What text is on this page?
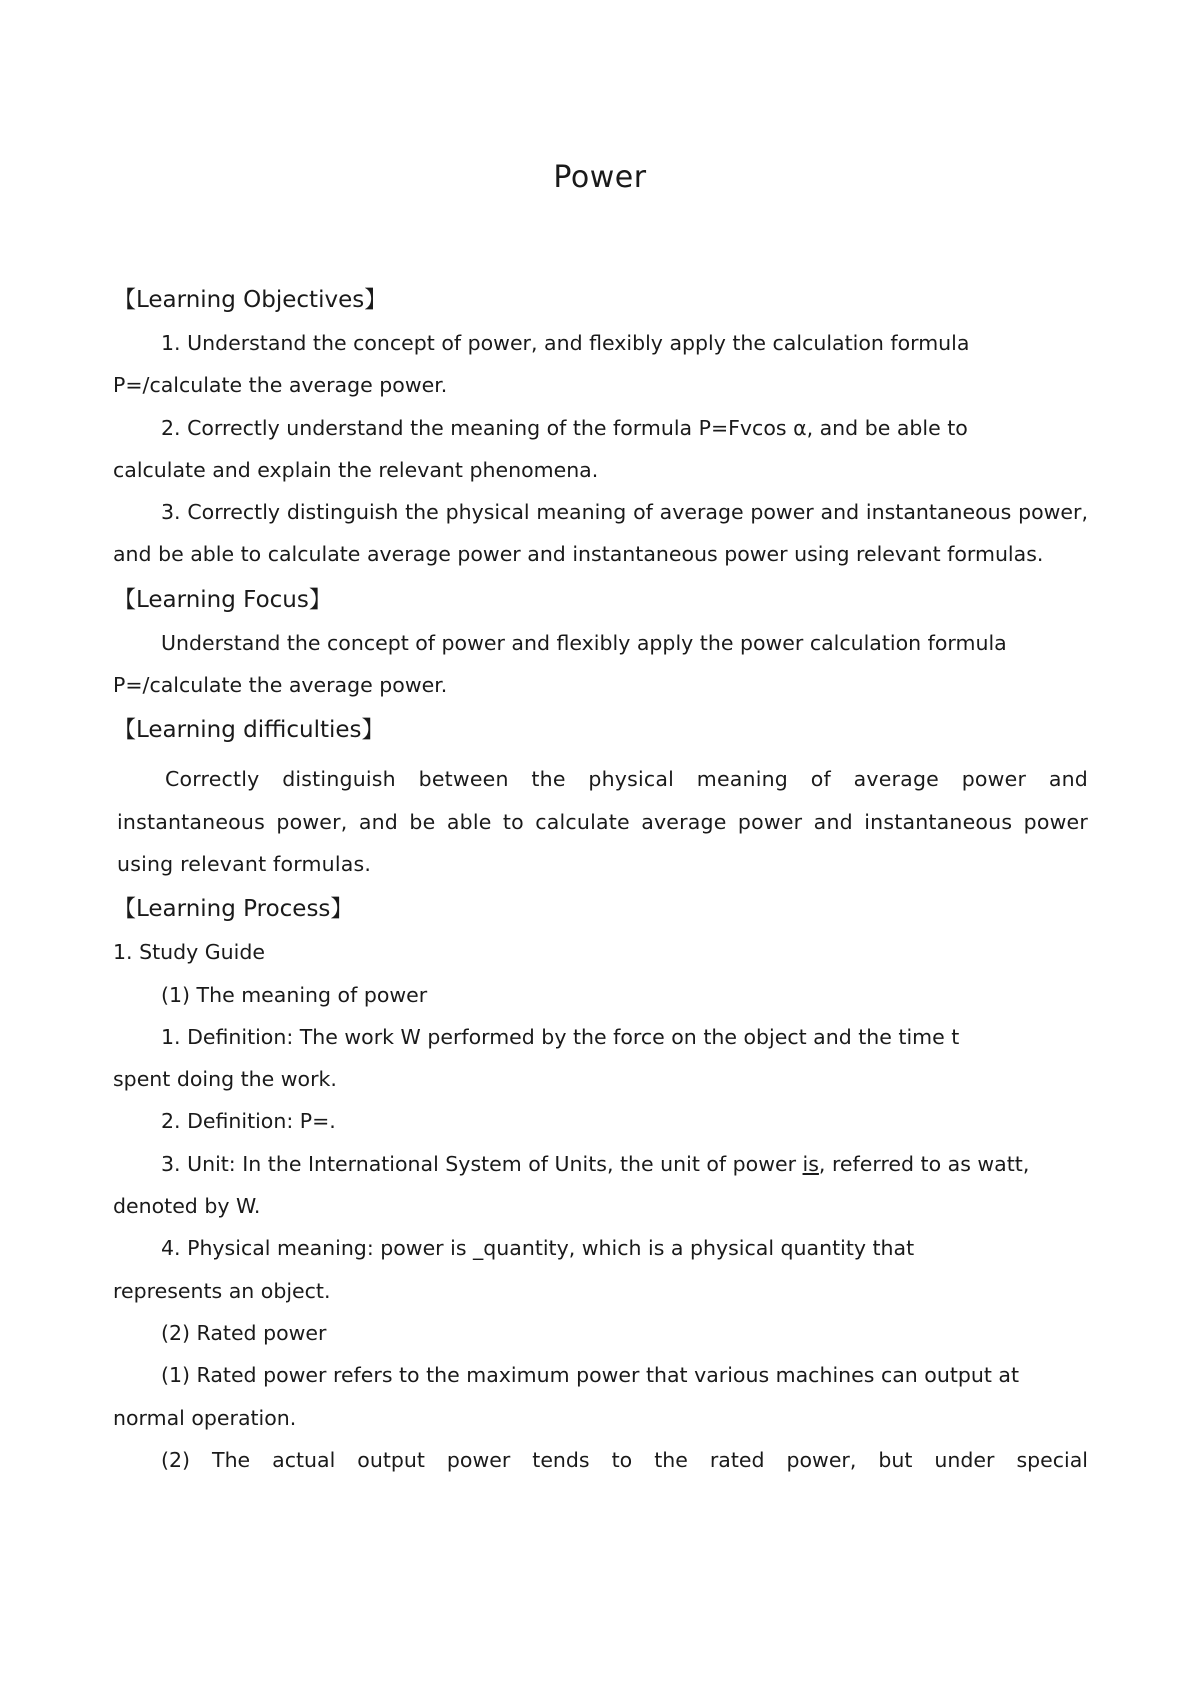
Power
【Learning Objectives】

1. Understand the concept of power, and flexibly apply the calculation formula P=/calculate the average power.

2. Correctly understand the meaning of the formula P=Fvcos α, and be able to calculate and explain the relevant phenomena.

3. Correctly distinguish the physical meaning of average power and instantaneous power, and be able to calculate average power and instantaneous power using relevant formulas.

【Learning Focus】

Understand the concept of power and flexibly apply the power calculation formula P=/calculate the average power.

【Learning difficulties】

Correctly distinguish between the physical meaning of average power and instantaneous power, and be able to calculate average power and instantaneous power using relevant formulas.

【Learning Process】

1. Study Guide

(1) The meaning of power

1. Definition: The work W performed by the force on the object and the time t spent doing the work.

2. Definition: P=.

3. Unit: In the International System of Units, the unit of power is, referred to as watt, denoted by W.

4. Physical meaning: power is _quantity, which is a physical quantity that represents an object.

(2) Rated power

(1) Rated power refers to the maximum power that various machines can output at normal operation.

(2) The actual output power tends to the rated power, but under special
